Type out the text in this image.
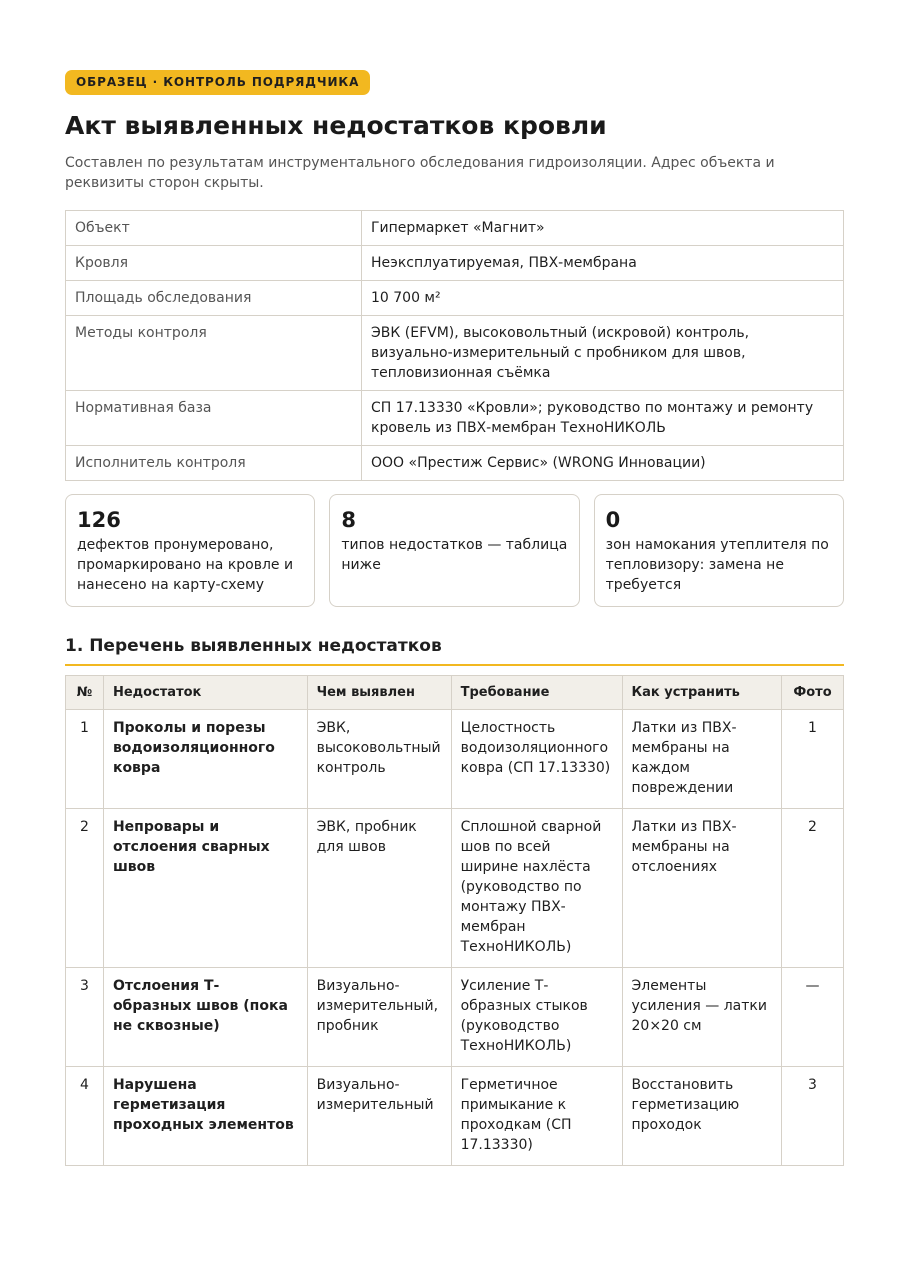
ОБРАЗЕЦ · КОНТРОЛЬ ПОДРЯДЧИКА
Акт выявленных недостатков кровли

Составлен по результатам инструментального обследования гидроизоляции. Адрес объекта и реквизиты сторон скрыты.

Объект	Гипермаркет «Магнит»
Кровля	Неэксплуатируемая, ПВХ-мембрана
Площадь обследования	10 700 м²
Методы контроля	ЭВК (EFVM), высоковольтный (искровой) контроль, визуально-измерительный с пробником для швов, тепловизионная съёмка
Нормативная база	СП 17.13330 «Кровли»; руководство по монтажу и ремонту кровель из ПВХ-мембран ТехноНИКОЛЬ
Исполнитель контроля	ООО «Престиж Сервис» (WRONG Инновации)
126
дефектов пронумеровано, промаркировано на кровле и нанесено на карту-схему
8
типов недостатков — таблица ниже
0
зон намокания утеплителя по тепловизору: замена не требуется
1. Перечень выявленных недостатков
№	Недостаток	Чем выявлен	Требование	Как устранить	Фото
1	Проколы и порезы водоизоляционного ковра	ЭВК, высоковольтный контроль	Целостность водоизоляционного ковра (СП 17.13330)	Латки из ПВХ-мембраны на каждом повреждении	1
2	Непровары и отслоения сварных швов	ЭВК, пробник для швов	Сплошной сварной шов по всей ширине нахлёста (руководство по монтажу ПВХ-мембран ТехноНИКОЛЬ)	Латки из ПВХ-мембраны на отслоениях	2
3	Отслоения Т-образных швов (пока не сквозные)	Визуально-измерительный, пробник	Усиление Т-образных стыков (руководство ТехноНИКОЛЬ)	Элементы усиления — латки 20×20 см	—
4	Нарушена герметизация проходных элементов	Визуально-измерительный	Герметичное примыкание к проходкам (СП 17.13330)	Восстановить герметизацию проходок	3
